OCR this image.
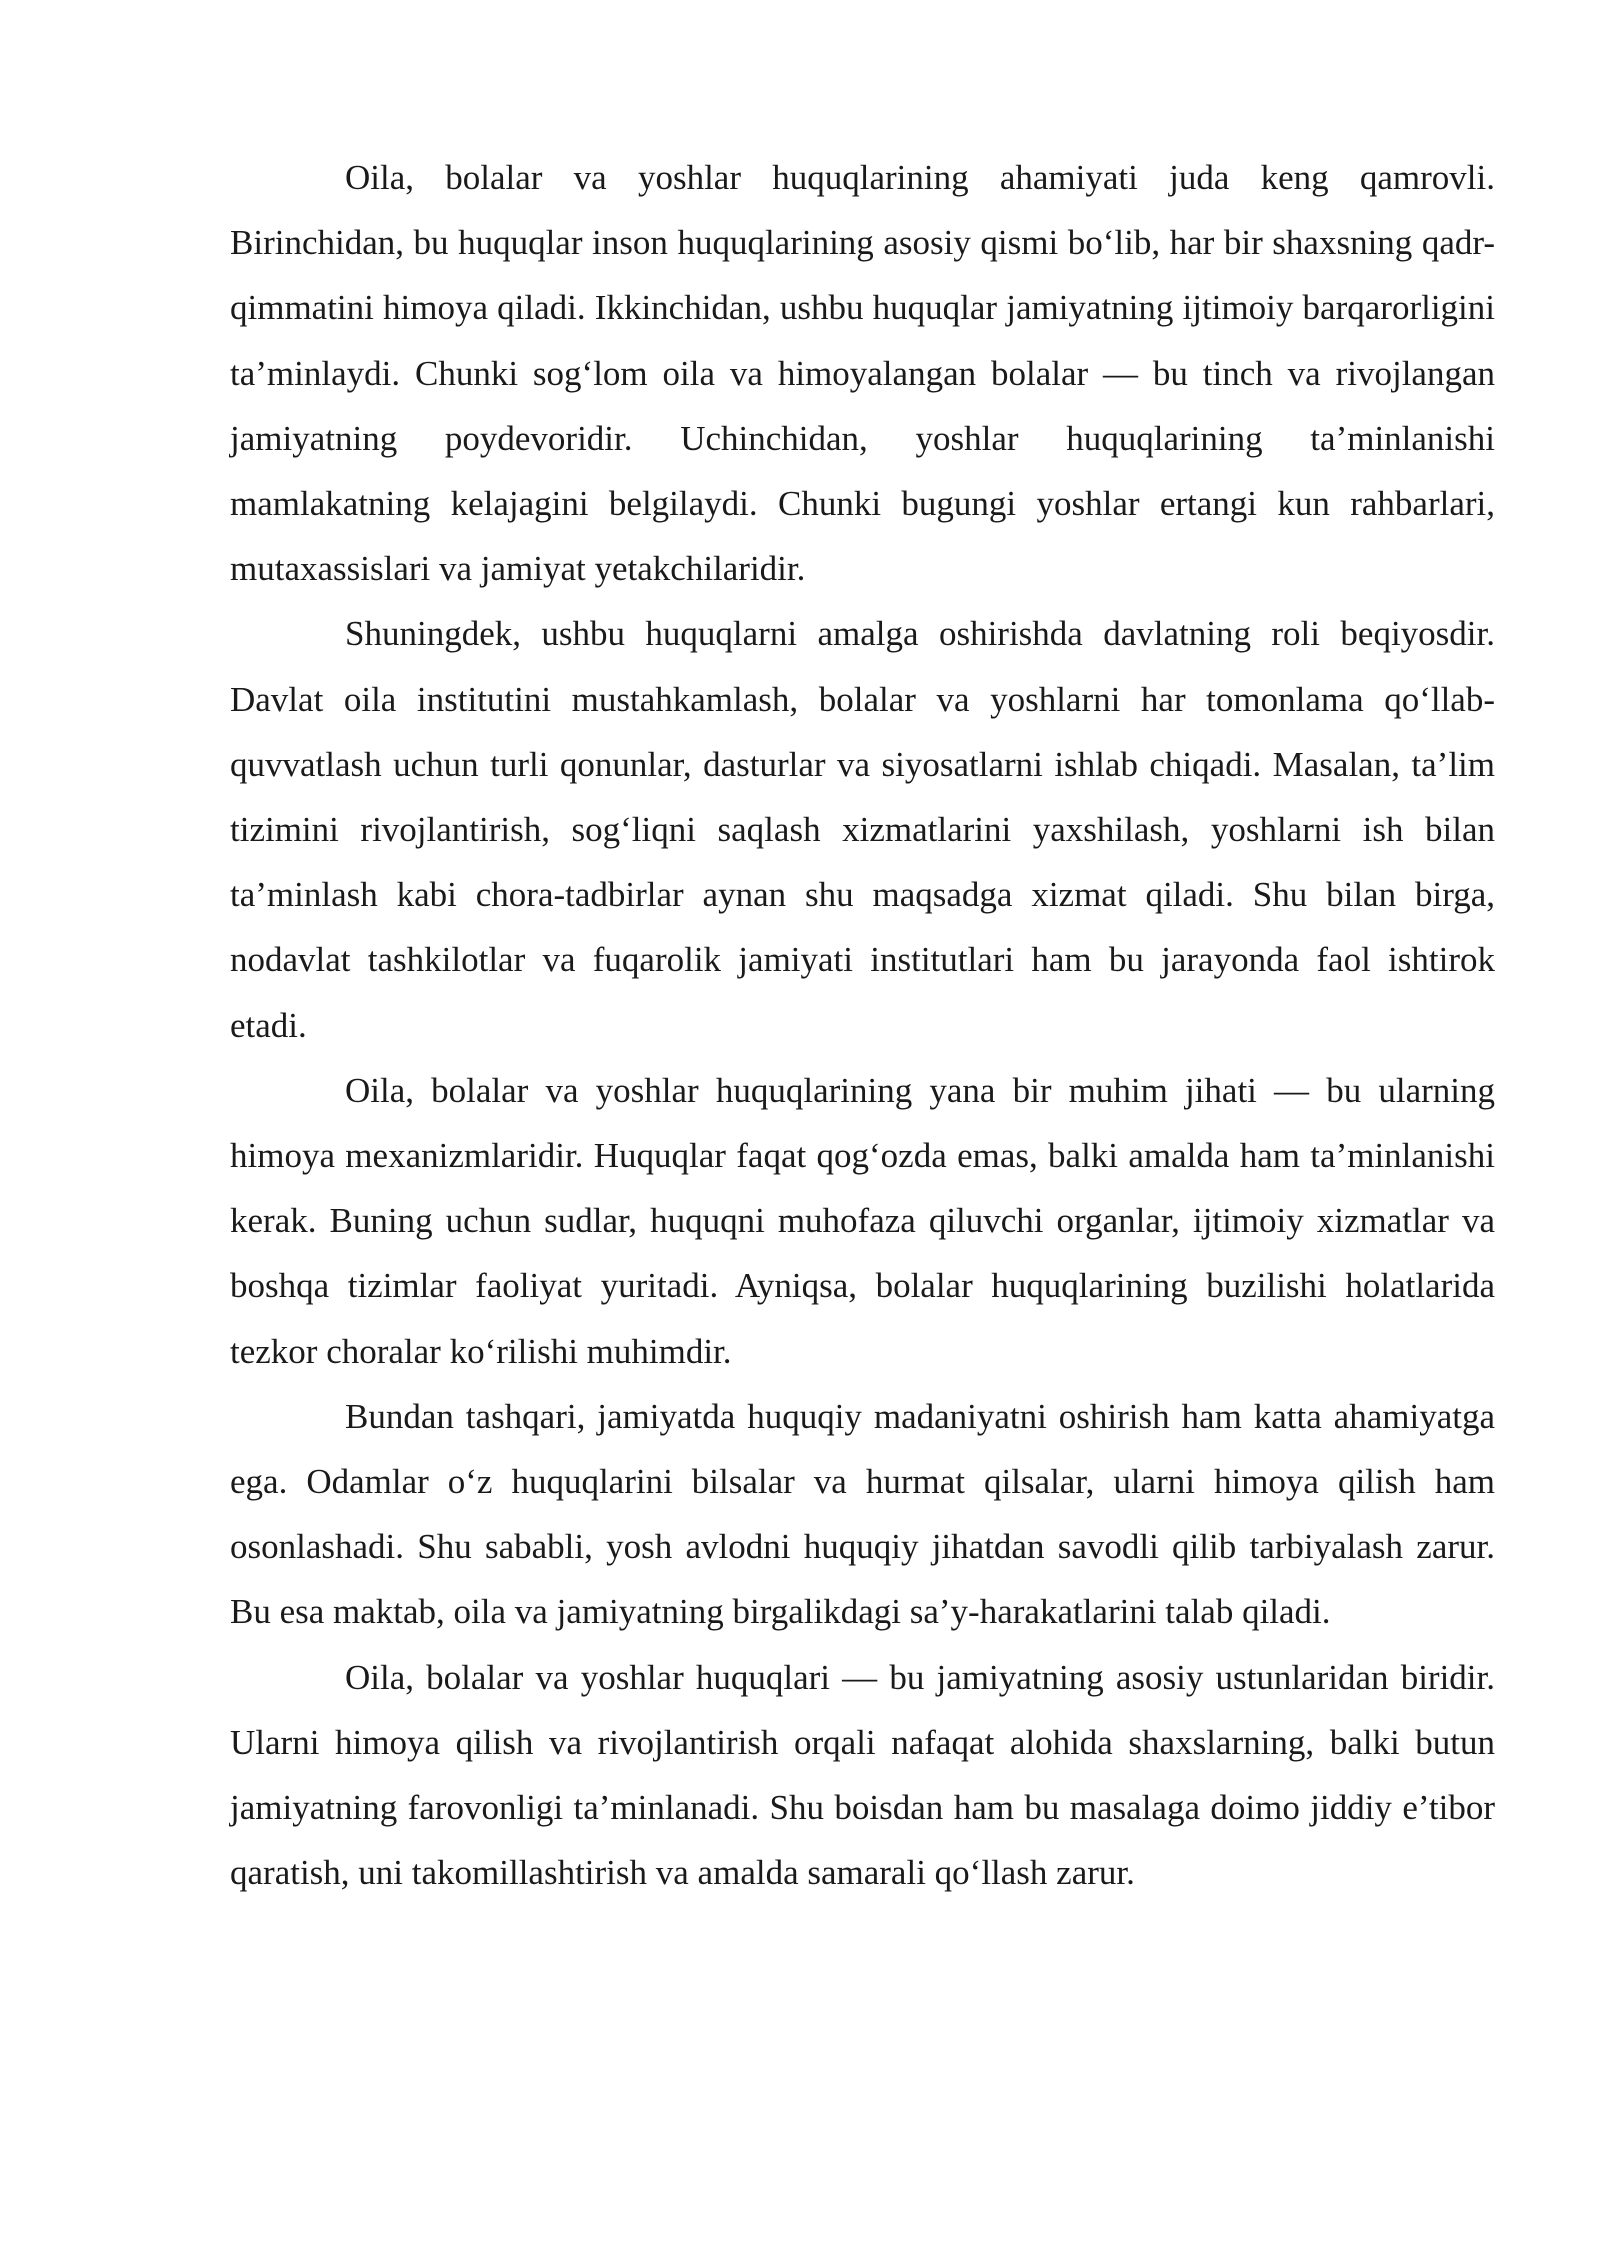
Oila, bolalar va yoshlar huquqlarining ahamiyati juda keng qamrovli. Birinchidan, bu huquqlar inson huquqlarining asosiy qismi bo‘lib, har bir shaxsning qadr-qimmatini himoya qiladi. Ikkinchidan, ushbu huquqlar jamiyatning ijtimoiy barqarorligini ta’minlaydi. Chunki sog‘lom oila va himoyalangan bolalar — bu tinch va rivojlangan jamiyatning poydevoridir. Uchinchidan, yoshlar huquqlarining ta’minlanishi mamlakatning kelajagini belgilaydi. Chunki bugungi yoshlar ertangi kun rahbarlari, mutaxassislari va jamiyat yetakchilaridir.

Shuningdek, ushbu huquqlarni amalga oshirishda davlatning roli beqiyosdir. Davlat oila institutini mustahkamlash, bolalar va yoshlarni har tomonlama qo‘llab-quvvatlash uchun turli qonunlar, dasturlar va siyosatlarni ishlab chiqadi. Masalan, ta’lim tizimini rivojlantirish, sog‘liqni saqlash xizmatlarini yaxshilash, yoshlarni ish bilan ta’minlash kabi chora-tadbirlar aynan shu maqsadga xizmat qiladi. Shu bilan birga, nodavlat tashkilotlar va fuqarolik jamiyati institutlari ham bu jarayonda faol ishtirok etadi.

Oila, bolalar va yoshlar huquqlarining yana bir muhim jihati — bu ularning himoya mexanizmlaridir. Huquqlar faqat qog‘ozda emas, balki amalda ham ta’minlanishi kerak. Buning uchun sudlar, huquqni muhofaza qiluvchi organlar, ijtimoiy xizmatlar va boshqa tizimlar faoliyat yuritadi. Ayniqsa, bolalar huquqlarining buzilishi holatlarida tezkor choralar ko‘rilishi muhimdir.

Bundan tashqari, jamiyatda huquqiy madaniyatni oshirish ham katta ahamiyatga ega. Odamlar o‘z huquqlarini bilsalar va hurmat qilsalar, ularni himoya qilish ham osonlashadi. Shu sababli, yosh avlodni huquqiy jihatdan savodli qilib tarbiyalash zarur. Bu esa maktab, oila va jamiyatning birgalikdagi sa’y-harakatlarini talab qiladi.

Oila, bolalar va yoshlar huquqlari — bu jamiyatning asosiy ustunlaridan biridir. Ularni himoya qilish va rivojlantirish orqali nafaqat alohida shaxslarning, balki butun jamiyatning farovonligi ta’minlanadi. Shu boisdan ham bu masalaga doimo jiddiy e’tibor qaratish, uni takomillashtirish va amalda samarali qo‘llash zarur.
